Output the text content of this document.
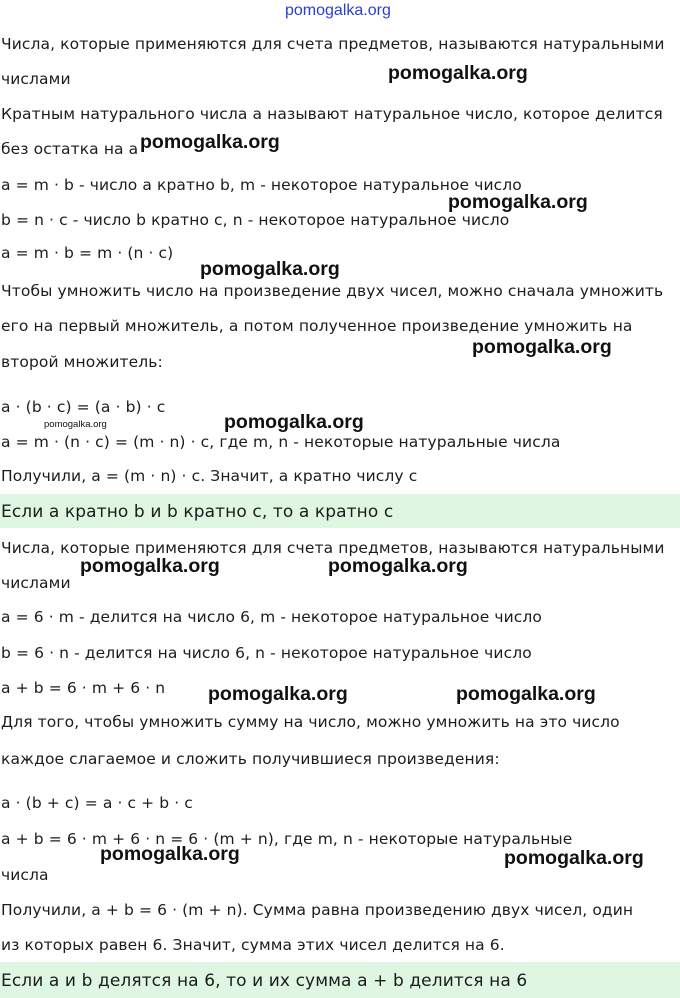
pomogalka.org
Числа, которые применяются для счета предметов, называются натуральными
числами
Кратным натурального числа a называют натуральное число, которое делится
без остатка на a
a = m · b - число a кратно b, m - некоторое натуральное число
b = n · c - число b кратно c, n - некоторое натуральное число
a = m · b = m · (n · c)
Чтобы умножить число на произведение двух чисел, можно сначала умножить
его на первый множитель, а потом полученное произведение умножить на
второй множитель:
a · (b · c) = (a · b) · c
a = m · (n · c) = (m · n) · c, где m, n - некоторые натуральные числа
Получили, a = (m · n) · c. Значит, a кратно числу c
Если a кратно b и b кратно c, то a кратно c
Числа, которые применяются для счета предметов, называются натуральными
числами
a = 6 · m - делится на число 6, m - некоторое натуральное число
b = 6 · n - делится на число 6, n - некоторое натуральное число
a + b = 6 · m + 6 · n
Для того, чтобы умножить сумму на число, можно умножить на это число
каждое слагаемое и сложить получившиеся произведения:
a · (b + c) = a · c + b · c
a + b = 6 · m + 6 · n = 6 · (m + n), где m, n - некоторые натуральные
числа
Получили, a + b = 6 · (m + n). Сумма равна произведению двух чисел, один
из которых равен 6. Значит, сумма этих чисел делится на 6.
Если a и b делятся на 6, то и их сумма a + b делится на 6
pomogalka.org
pomogalka.org
pomogalka.org
pomogalka.org
pomogalka.org
pomogalka.org
pomogalka.org
pomogalka.org	pomogalka.org
pomogalka.org	pomogalka.org
pomogalka.org	pomogalka.org
